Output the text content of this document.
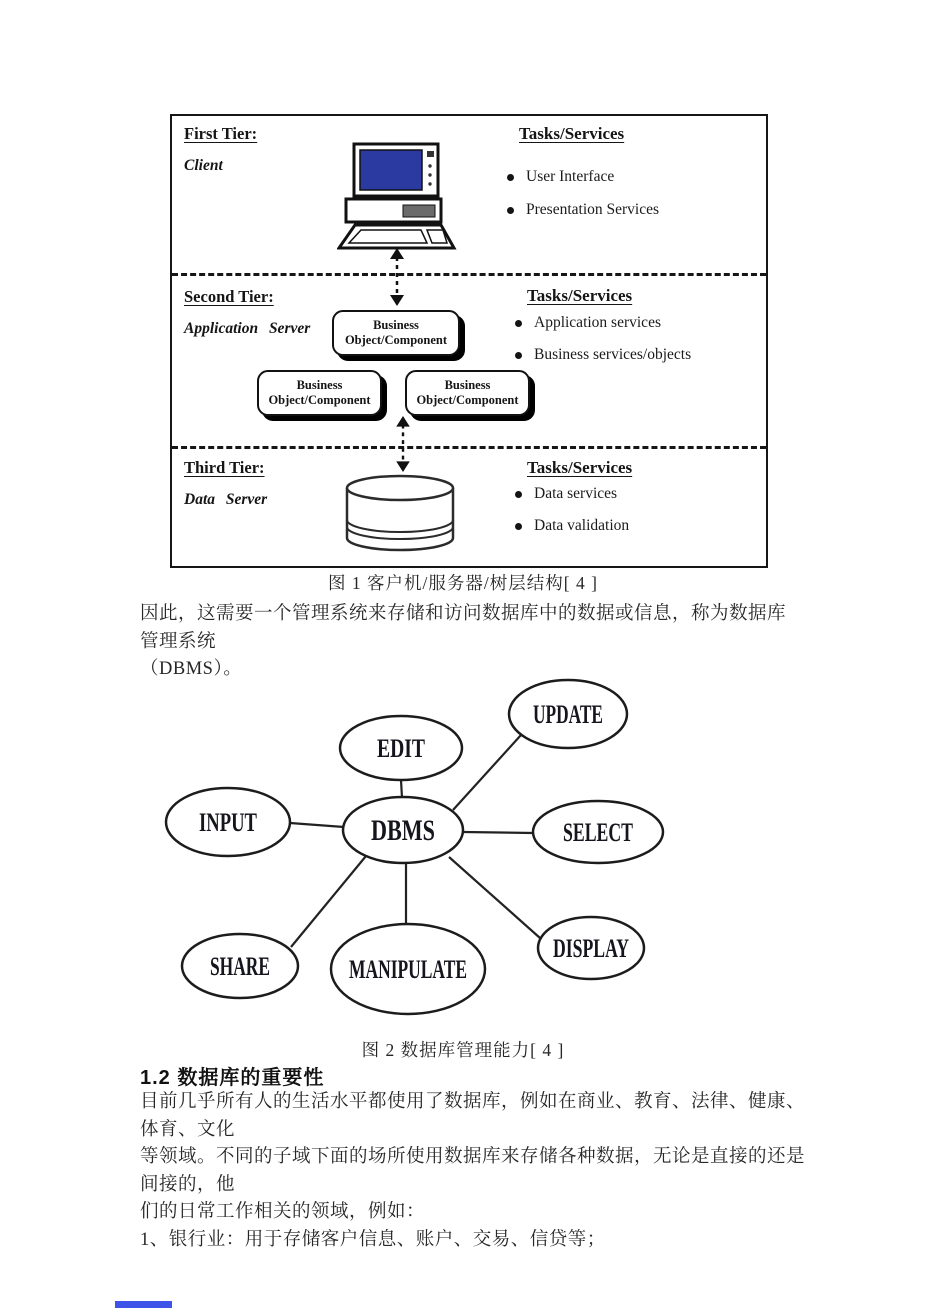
First Tier:
Client
Tasks/Services
User Interface
Presentation Services
Second Tier:
Application Server	Business
Object/Component
Business
Object/Component
Business
Object/Component
Tasks/Services
Application services
Business services/objects
Third Tier:
Data Server
Tasks/Services
Data services
Data validation
图 1 客户机/服务器/树层结构[ 4 ]
因此，这需要一个管理系统来存储和访问数据库中的数据或信息，称为数据库管理系统
（DBMS）。
EDIT
UPDATE
INPUT	DBMS	SELECT
SHARE	MANIPULATE
DISPLAY
图 2 数据库管理能力[ 4 ]
1.2 数据库的重要性
目前几乎所有人的生活水平都使用了数据库，例如在商业、教育、法律、健康、体育、文化
等领域。不同的子域下面的场所使用数据库来存储各种数据，无论是直接的还是间接的，他
们的日常工作相关的领域，例如：
1、银行业：用于存储客户信息、账户、交易、信贷等；
